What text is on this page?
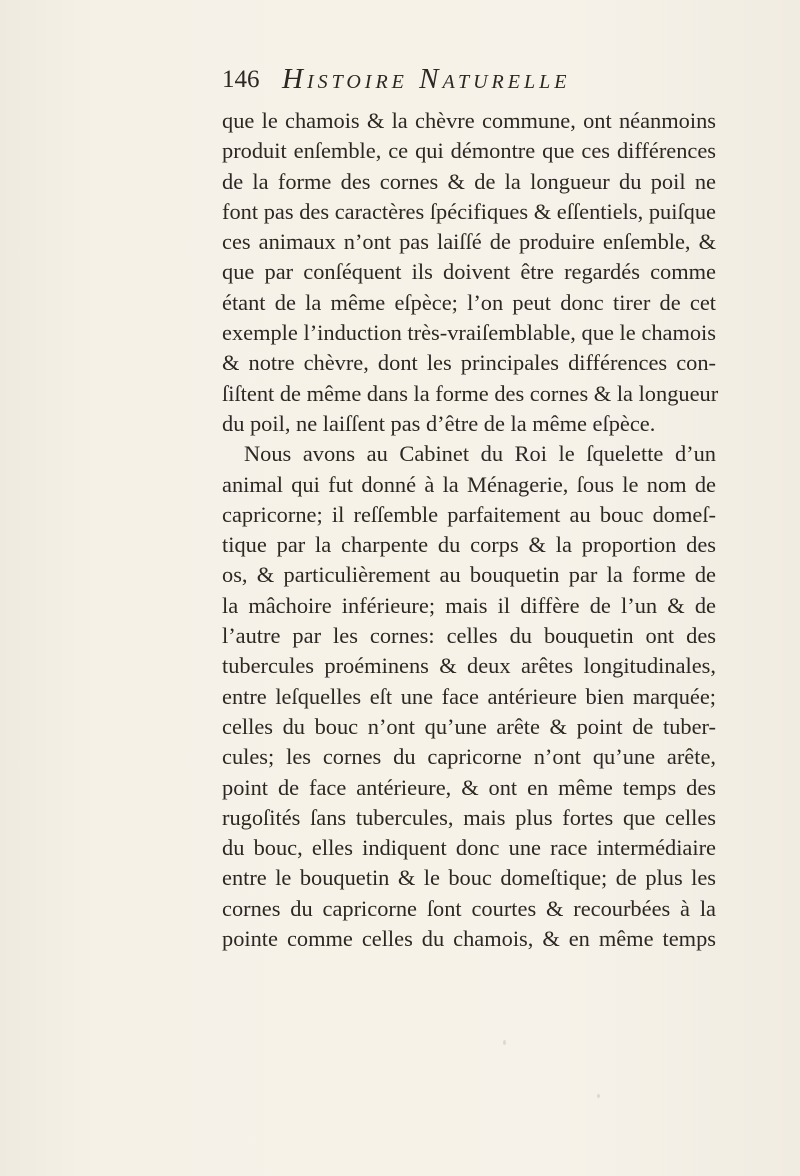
146 Histoire Naturelle
que le chamois & la chèvre commune, ont néanmoins
produit enſemble, ce qui démontre que ces différences
de la forme des cornes & de la longueur du poil ne
font pas des caractères ſpécifiques & eſſentiels, puiſque
ces animaux n’ont pas laiſſé de produire enſemble, &
que par conſéquent ils doivent être regardés comme
étant de la même eſpèce; l’on peut donc tirer de cet
exemple l’induction très-vraiſemblable, que le chamois
& notre chèvre, dont les principales différences con-
ſiſtent de même dans la forme des cornes & la longueur
du poil, ne laiſſent pas d’être de la même eſpèce.
Nous avons au Cabinet du Roi le ſquelette d’un
animal qui fut donné à la Ménagerie, ſous le nom de
capricorne; il reſſemble parfaitement au bouc domeſ-
tique par la charpente du corps & la proportion des
os, & particulièrement au bouquetin par la forme de
la mâchoire inférieure; mais il diffère de l’un & de
l’autre par les cornes: celles du bouquetin ont des
tubercules proéminens & deux arêtes longitudinales,
entre leſquelles eſt une face antérieure bien marquée;
celles du bouc n’ont qu’une arête & point de tuber-
cules; les cornes du capricorne n’ont qu’une arête,
point de face antérieure, & ont en même temps des
rugoſités ſans tubercules, mais plus fortes que celles
du bouc, elles indiquent donc une race intermédiaire
entre le bouquetin & le bouc domeſtique; de plus les
cornes du capricorne ſont courtes & recourbées à la
pointe comme celles du chamois, & en même temps
